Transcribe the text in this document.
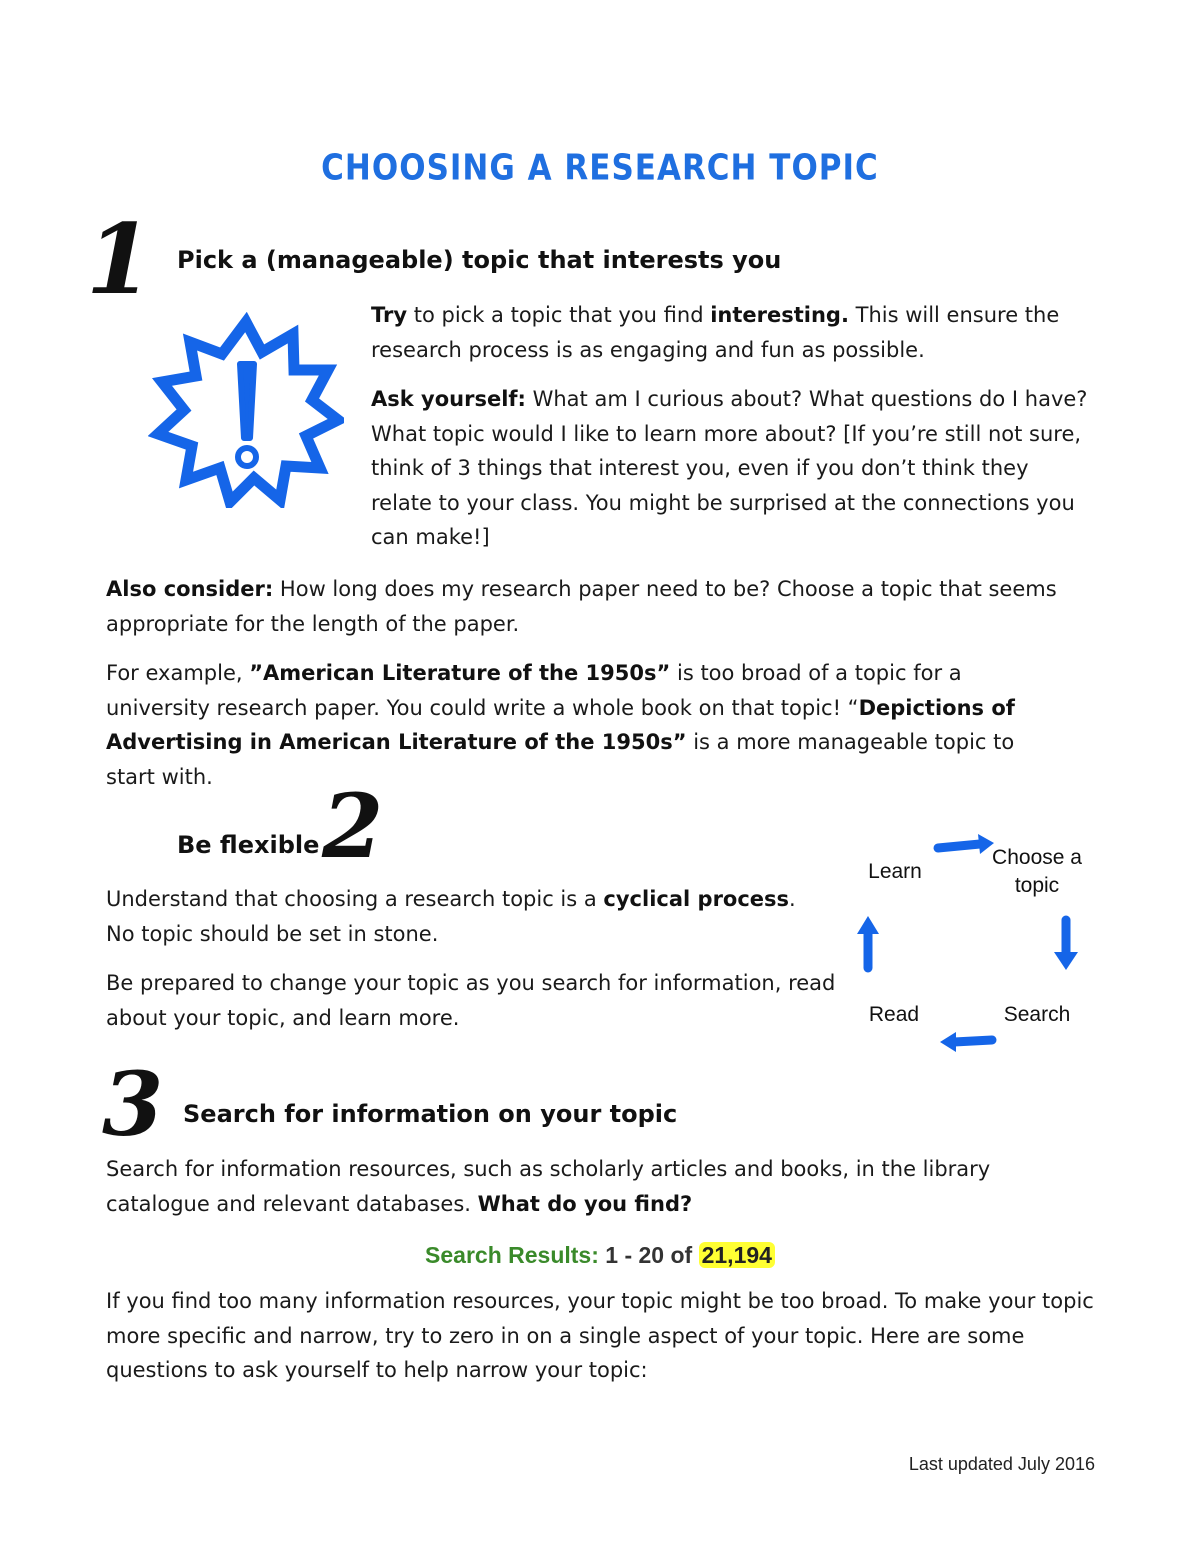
CHOOSING A RESEARCH TOPIC
1 Pick a (manageable) topic that interests you
Try to pick a topic that you find interesting. This will ensure the research process is as engaging and fun as possible.
Ask yourself: What am I curious about? What questions do I have? What topic would I like to learn more about? [If you’re still not sure, think of 3 things that interest you, even if you don’t think they relate to your class. You might be surprised at the connections you can make!]
Also consider: How long does my research paper need to be? Choose a topic that seems appropriate for the length of the paper.
For example, ”American Literature of the 1950s” is too broad of a topic for a university research paper. You could write a whole book on that topic! “Depictions of Advertising in American Literature of the 1950s” is a more manageable topic to start with.
Be flexible 2
Understand that choosing a research topic is a cyclical process. No topic should be set in stone.
Be prepared to change your topic as you search for information, read about your topic, and learn more.
Learn
Choose a topic
Read	Search
3 Search for information on your topic
Search for information resources, such as scholarly articles and books, in the library catalogue and relevant databases. What do you find?
Search Results: 1 - 20 of 21,194
If you find too many information resources, your topic might be too broad. To make your topic more specific and narrow, try to zero in on a single aspect of your topic. Here are some questions to ask yourself to help narrow your topic:
Last updated July 2016
